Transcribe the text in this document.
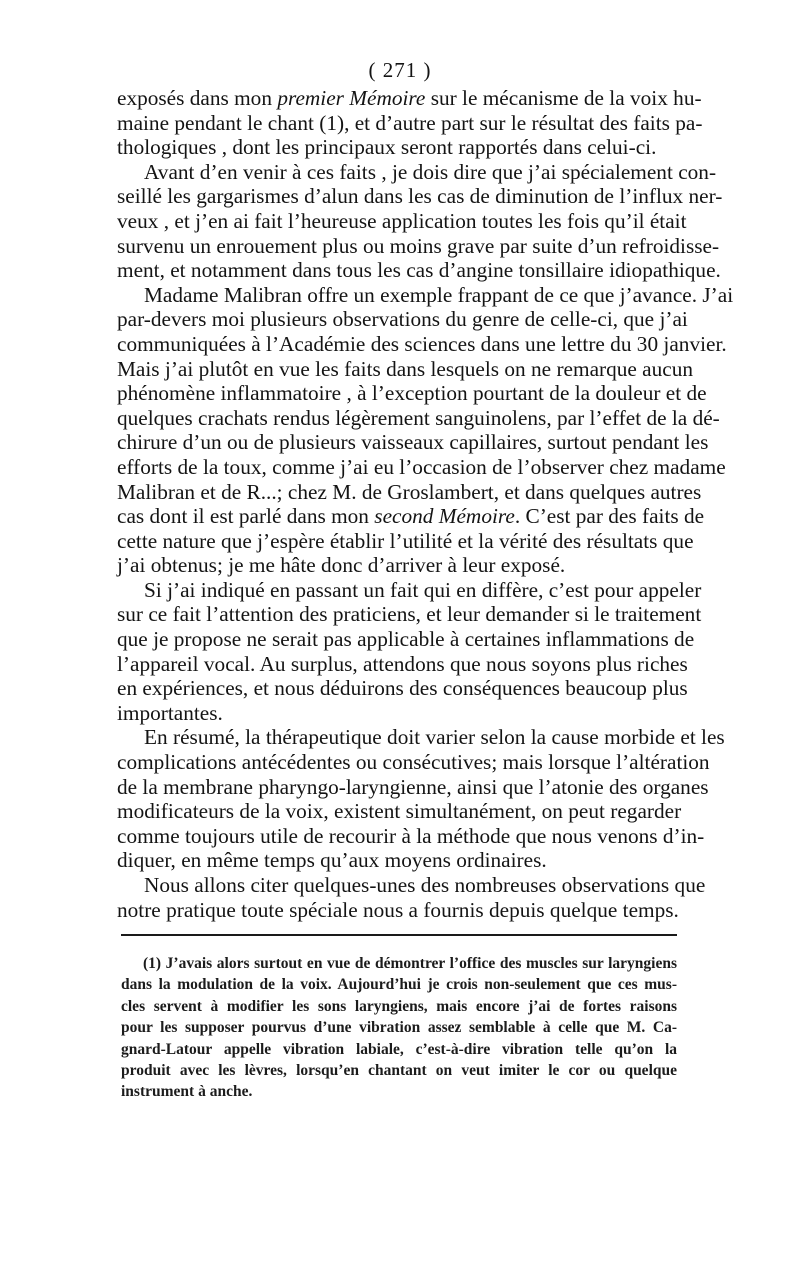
( 271 )
exposés dans mon premier Mémoire sur le mécanisme de la voix hu-
maine pendant le chant (1), et d’autre part sur le résultat des faits pa-
thologiques , dont les principaux seront rapportés dans celui-ci.
Avant d’en venir à ces faits , je dois dire que j’ai spécialement con-
seillé les gargarismes d’alun dans les cas de diminution de l’influx ner-
veux , et j’en ai fait l’heureuse application toutes les fois qu’il était
survenu un enrouement plus ou moins grave par suite d’un refroidisse-
ment, et notamment dans tous les cas d’angine tonsillaire idiopathique.
Madame Malibran offre un exemple frappant de ce que j’avance. J’ai
par-devers moi plusieurs observations du genre de celle-ci, que j’ai
communiquées à l’Académie des sciences dans une lettre du 30 janvier.
Mais j’ai plutôt en vue les faits dans lesquels on ne remarque aucun
phénomène inflammatoire , à l’exception pourtant de la douleur et de
quelques crachats rendus légèrement sanguinolens, par l’effet de la dé-
chirure d’un ou de plusieurs vaisseaux capillaires, surtout pendant les
efforts de la toux, comme j’ai eu l’occasion de l’observer chez madame
Malibran et de R...; chez M. de Groslambert, et dans quelques autres
cas dont il est parlé dans mon second Mémoire. C’est par des faits de
cette nature que j’espère établir l’utilité et la vérité des résultats que
j’ai obtenus; je me hâte donc d’arriver à leur exposé.
Si j’ai indiqué en passant un fait qui en diffère, c’est pour appeler
sur ce fait l’attention des praticiens, et leur demander si le traitement
que je propose ne serait pas applicable à certaines inflammations de
l’appareil vocal. Au surplus, attendons que nous soyons plus riches
en expériences, et nous déduirons des conséquences beaucoup plus
importantes.
En résumé, la thérapeutique doit varier selon la cause morbide et les
complications antécédentes ou consécutives; mais lorsque l’altération
de la membrane pharyngo-laryngienne, ainsi que l’atonie des organes
modificateurs de la voix, existent simultanément, on peut regarder
comme toujours utile de recourir à la méthode que nous venons d’in-
diquer, en même temps qu’aux moyens ordinaires.
Nous allons citer quelques-unes des nombreuses observations que
notre pratique toute spéciale nous a fournis depuis quelque temps.
(1) J’avais alors surtout en vue de démontrer l’office des muscles sur laryngiens
dans la modulation de la voix. Aujourd’hui je crois non-seulement que ces mus-
cles servent à modifier les sons laryngiens, mais encore j’ai de fortes raisons
pour les supposer pourvus d’une vibration assez semblable à celle que M. Ca-
gnard-Latour appelle vibration labiale, c’est-à-dire vibration telle qu’on la
produit avec les lèvres, lorsqu’en chantant on veut imiter le cor ou quelque
instrument à anche.
